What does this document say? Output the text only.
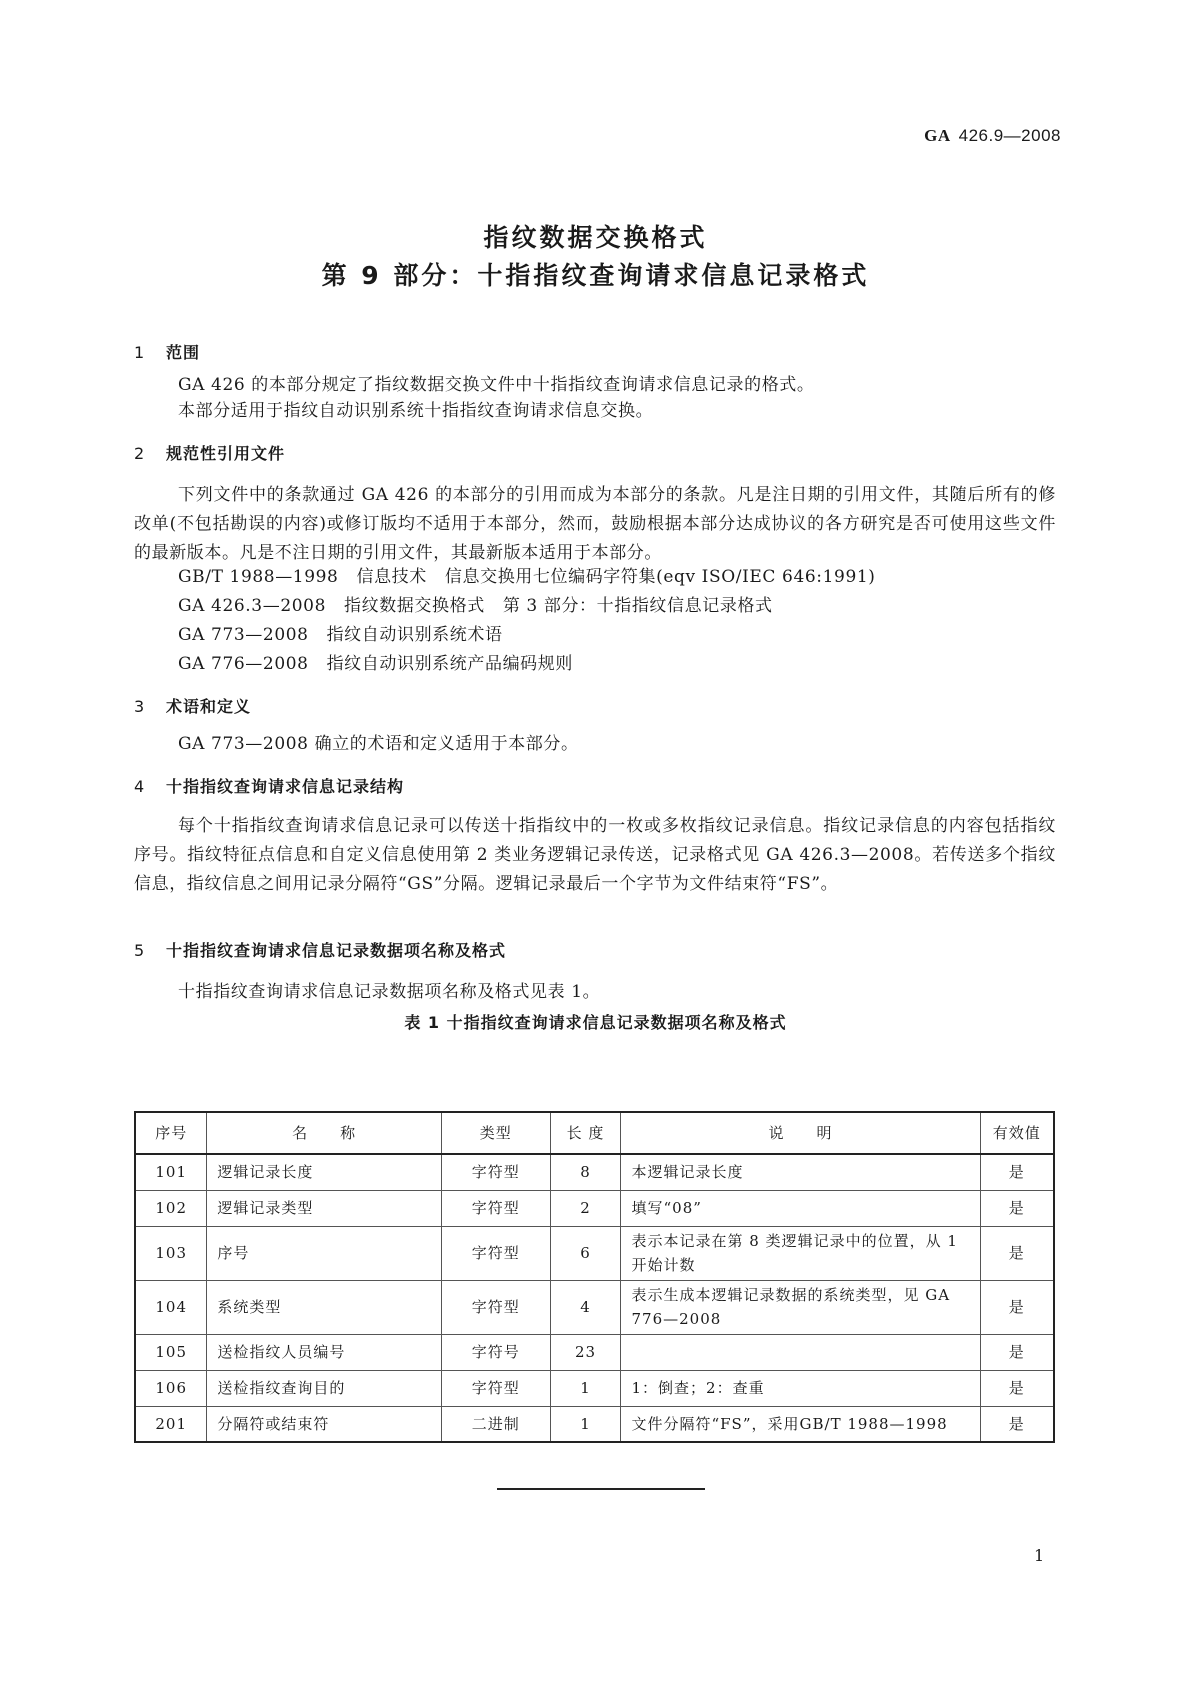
GA 426.9—2008
指纹数据交换格式
第 9 部分：十指指纹查询请求信息记录格式
1 范围
GA 426 的本部分规定了指纹数据交换文件中十指指纹查询请求信息记录的格式。
本部分适用于指纹自动识别系统十指指纹查询请求信息交换。
2 规范性引用文件
下列文件中的条款通过 GA 426 的本部分的引用而成为本部分的条款。凡是注日期的引用文件，其随后所有的修改单(不包括勘误的内容)或修订版均不适用于本部分，然而，鼓励根据本部分达成协议的各方研究是否可使用这些文件的最新版本。凡是不注日期的引用文件，其最新版本适用于本部分。
GB/T 1988—1998   信息技术   信息交换用七位编码字符集(eqv ISO/IEC 646:1991)
GA 426.3—2008   指纹数据交换格式   第 3 部分：十指指纹信息记录格式
GA 773—2008   指纹自动识别系统术语
GA 776—2008   指纹自动识别系统产品编码规则
3 术语和定义
GA 773—2008 确立的术语和定义适用于本部分。
4 十指指纹查询请求信息记录结构
每个十指指纹查询请求信息记录可以传送十指指纹中的一枚或多枚指纹记录信息。指纹记录信息的内容包括指纹序号。指纹特征点信息和自定义信息使用第 2 类业务逻辑记录传送，记录格式见 GA 426.3—2008。若传送多个指纹信息，指纹信息之间用记录分隔符“GS”分隔。逻辑记录最后一个字节为文件结束符“FS”。
5 十指指纹查询请求信息记录数据项名称及格式
十指指纹查询请求信息记录数据项名称及格式见表 1。
表 1 十指指纹查询请求信息记录数据项名称及格式
序号	名　　称	类型	长 度	说　　明	有效值
101	逻辑记录长度	字符型	8	本逻辑记录长度	是
102	逻辑记录类型	字符型	2	填写“08”	是
103	序号	字符型	6	表示本记录在第 8 类逻辑记录中的位置，从 1 开始计数	是
104	系统类型	字符型	4	表示生成本逻辑记录数据的系统类型，见 GA 776—2008	是
105	送检指纹人员编号	字符号	23		是
106	送检指纹查询目的	字符型	1	1：倒查；2：查重	是
201	分隔符或结束符	二进制	1	文件分隔符“FS”，采用GB/T 1988—1998	是
1
